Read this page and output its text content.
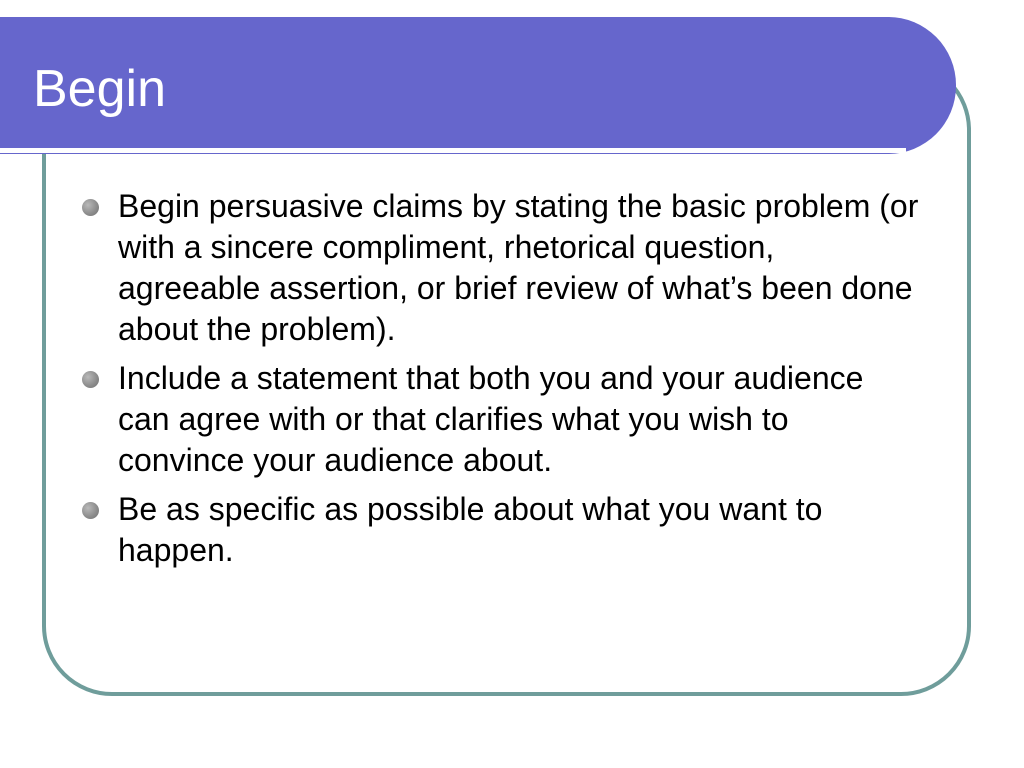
Begin
Begin persuasive claims by stating the basic problem (or with a sincere compliment, rhetorical question, agreeable assertion, or brief review of what’s been done about the problem).
Include a statement that both you and your audience can agree with or that clarifies what you wish to convince your audience about.
Be as specific as possible about what you want to happen.
